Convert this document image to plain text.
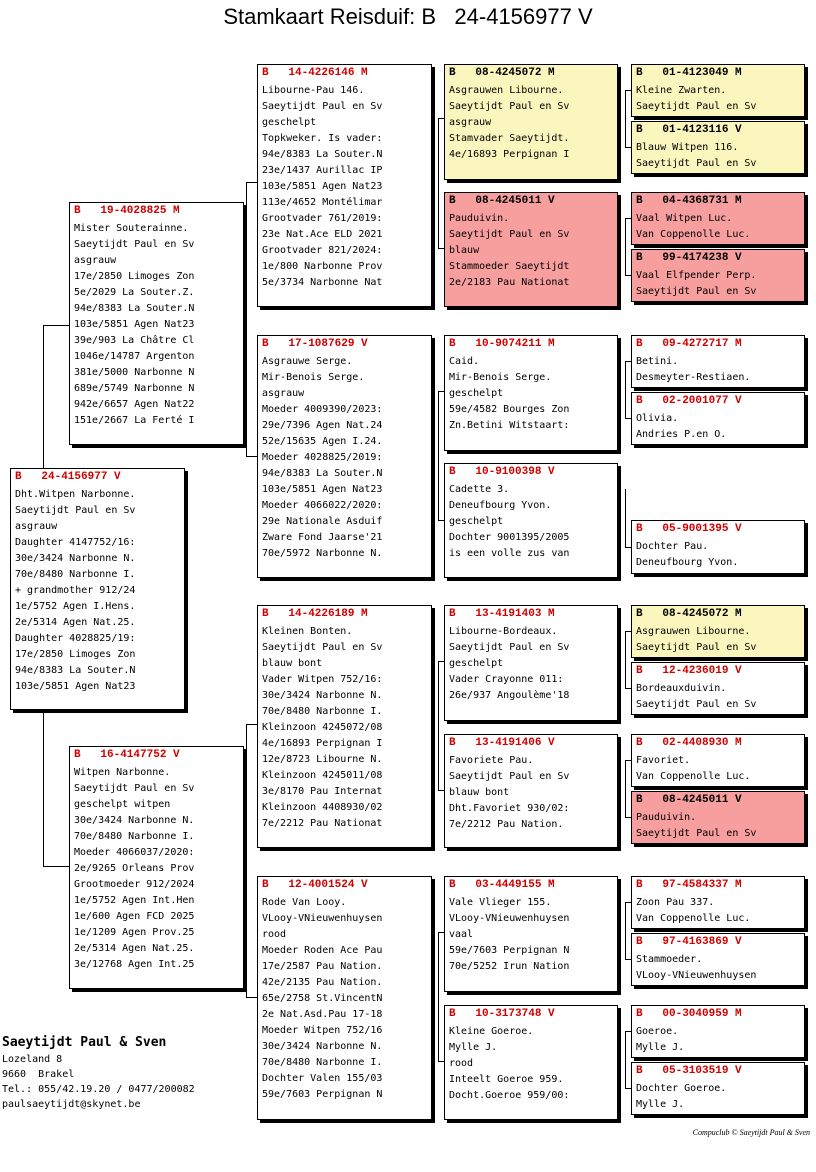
Stamkaart Reisduif: B   24-4156977 V
B   24-4156977 V
Dht.Witpen Narbonne.
Saeytijdt Paul en Sv
asgrauw
Daughter 4147752/16:
30e/3424 Narbonne N.
70e/8480 Narbonne I.
+ grandmother 912/24
1e/5752 Agen I.Hens.
2e/5314 Agen Nat.25.
Daughter 4028825/19:
17e/2850 Limoges Zon
94e/8383 La Souter.N
103e/5851 Agen Nat23
B   19-4028825 M
Mister Souterainne.
Saeytijdt Paul en Sv
asgrauw
17e/2850 Limoges Zon
5e/2029 La Souter.Z.
94e/8383 La Souter.N
103e/5851 Agen Nat23
39e/903 La Châtre Cl
1046e/14787 Argenton
381e/5000 Narbonne N
689e/5749 Narbonne N
942e/6657 Agen Nat22
151e/2667 La Ferté I
B   16-4147752 V
Witpen Narbonne.
Saeytijdt Paul en Sv
geschelpt witpen
30e/3424 Narbonne N.
70e/8480 Narbonne I.
Moeder 4066037/2020:
2e/9265 Orleans Prov
Grootmoeder 912/2024
1e/5752 Agen Int.Hen
1e/600 Agen FCD 2025
1e/1209 Agen Prov.25
2e/5314 Agen Nat.25.
3e/12768 Agen Int.25
B   14-4226146 M
Libourne-Pau 146.
Saeytijdt Paul en Sv
geschelpt
Topkweker. Is vader:
94e/8383 La Souter.N
23e/1437 Aurillac IP
103e/5851 Agen Nat23
113e/4652 Montélimar
Grootvader 761/2019:
23e Nat.Ace ELD 2021
Grootvader 821/2024:
1e/800 Narbonne Prov
5e/3734 Narbonne Nat
B   17-1087629 V
Asgrauwe Serge.
Mir-Benois Serge.
asgrauw
Moeder 4009390/2023:
29e/7396 Agen Nat.24
52e/15635 Agen I.24.
Moeder 4028825/2019:
94e/8383 La Souter.N
103e/5851 Agen Nat23
Moeder 4066022/2020:
29e Nationale Asduif
Zware Fond Jaarse'21
70e/5972 Narbonne N.
B   14-4226189 M
Kleinen Bonten.
Saeytijdt Paul en Sv
blauw bont
Vader Witpen 752/16:
30e/3424 Narbonne N.
70e/8480 Narbonne I.
Kleinzoon 4245072/08
4e/16893 Perpignan I
12e/8723 Libourne N.
Kleinzoon 4245011/08
3e/8170 Pau Internat
Kleinzoon 4408930/02
7e/2212 Pau Nationat
B   12-4001524 V
Rode Van Looy.
VLooy-VNieuwenhuysen
rood
Moeder Roden Ace Pau
17e/2587 Pau Nation.
42e/2135 Pau Nation.
65e/2758 St.VincentN
2e Nat.Asd.Pau 17-18
Moeder Witpen 752/16
30e/3424 Narbonne N.
70e/8480 Narbonne I.
Dochter Valen 155/03
59e/7603 Perpignan N
B   08-4245072 M
Asgrauwen Libourne.
Saeytijdt Paul en Sv
asgrauw
Stamvader Saeytijdt.
4e/16893 Perpignan I
B   08-4245011 V
Pauduivin.
Saeytijdt Paul en Sv
blauw
Stammoeder Saeytijdt
2e/2183 Pau Nationat
B   10-9074211 M
Caid.
Mir-Benois Serge.
geschelpt
59e/4582 Bourges Zon
Zn.Betini Witstaart:
B   10-9100398 V
Cadette 3.
Deneufbourg Yvon.
geschelpt
Dochter 9001395/2005
is een volle zus van
B   13-4191403 M
Libourne-Bordeaux.
Saeytijdt Paul en Sv
geschelpt
Vader Crayonne 011:
26e/937 Angoulème'18
B   13-4191406 V
Favoriete Pau.
Saeytijdt Paul en Sv
blauw bont
Dht.Favoriet 930/02:
7e/2212 Pau Nation.
B   03-4449155 M
Vale Vlieger 155.
VLooy-VNieuwenhuysen
vaal
59e/7603 Perpignan N
70e/5252 Irun Nation
B   10-3173748 V
Kleine Goeroe.
Mylle J.
rood
Inteelt Goeroe 959.
Docht.Goeroe 959/00:
B   01-4123049 M
Kleine Zwarten.
Saeytijdt Paul en Sv
B   01-4123116 V
Blauw Witpen 116.
Saeytijdt Paul en Sv
B   04-4368731 M
Vaal Witpen Luc.
Van Coppenolle Luc.
B   99-4174238 V
Vaal Elfpender Perp.
Saeytijdt Paul en Sv
B   09-4272717 M
Betini.
Desmeyter-Restiaen.
B   02-2001077 V
Olivia.
Andries P.en O.
B   05-9001395 V
Dochter Pau.
Deneufbourg Yvon.
B   08-4245072 M
Asgrauwen Libourne.
Saeytijdt Paul en Sv
B   12-4236019 V
Bordeauxduivin.
Saeytijdt Paul en Sv
B   02-4408930 M
Favoriet.
Van Coppenolle Luc.
B   08-4245011 V
Pauduivin.
Saeytijdt Paul en Sv
B   97-4584337 M
Zoon Pau 337.
Van Coppenolle Luc.
B   97-4163869 V
Stammoeder.
VLooy-VNieuwenhuysen
B   00-3040959 M
Goeroe.
Mylle J.
B   05-3103519 V
Dochter Goeroe.
Mylle J.
Saeytijdt Paul & Sven
Lozeland 8
9660  Brakel
Tel.: 055/42.19.20 / 0477/200082
paulsaeytijdt@skynet.be
Compuclub © Saeytijdt Paul & Sven
